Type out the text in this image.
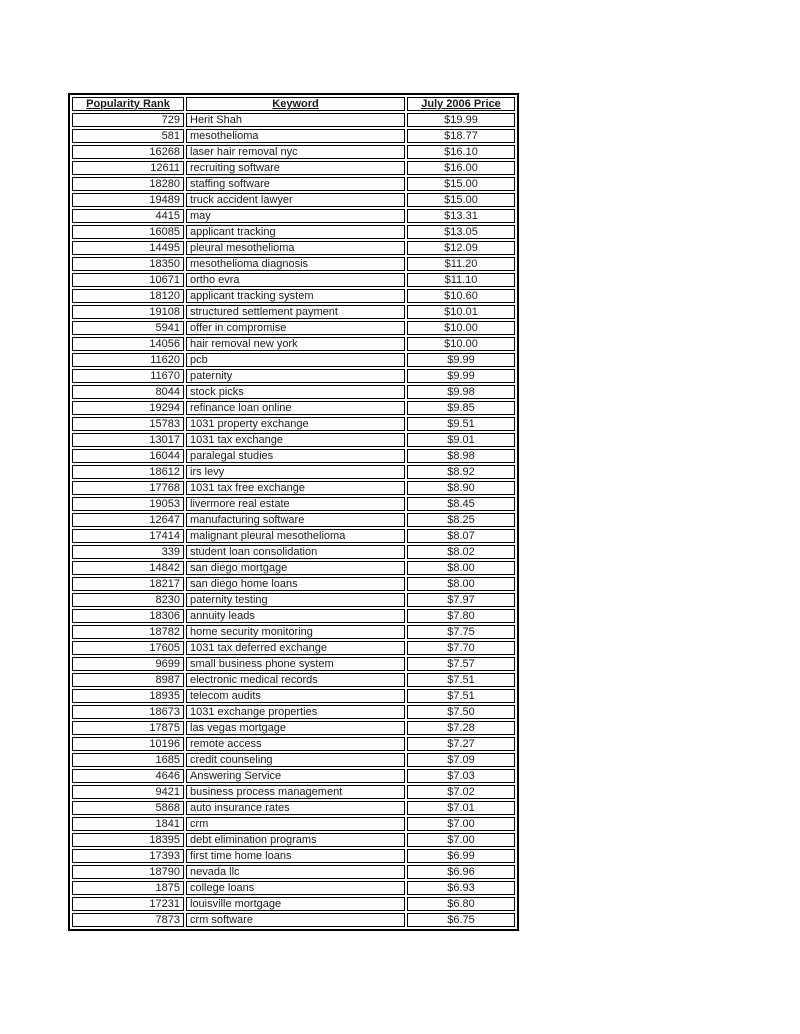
Popularity Rank	Keyword	July 2006 Price
729	Herit Shah	$19.99
581	mesothelioma	$18.77
16268	laser hair removal nyc	$16.10
12611	recruiting software	$16.00
18280	staffing software	$15.00
19489	truck accident lawyer	$15.00
4415	may	$13.31
16085	applicant tracking	$13.05
14495	pleural mesothelioma	$12.09
18350	mesothelioma diagnosis	$11.20
10671	ortho evra	$11.10
18120	applicant tracking system	$10.60
19108	structured settlement payment	$10.01
5941	offer in compromise	$10.00
14056	hair removal new york	$10.00
11620	pcb	$9.99
11670	paternity	$9.99
8044	stock picks	$9.98
19294	refinance loan online	$9.85
15783	1031 property exchange	$9.51
13017	1031 tax exchange	$9.01
16044	paralegal studies	$8.98
18612	irs levy	$8.92
17768	1031 tax free exchange	$8.90
19053	livermore real estate	$8.45
12647	manufacturing software	$8.25
17414	malignant pleural mesothelioma	$8.07
339	student loan consolidation	$8.02
14842	san diego mortgage	$8.00
18217	san diego home loans	$8.00
8230	paternity testing	$7.97
18306	annuity leads	$7.80
18782	home security monitoring	$7.75
17605	1031 tax deferred exchange	$7.70
9699	small business phone system	$7.57
8987	electronic medical records	$7.51
18935	telecom audits	$7.51
18673	1031 exchange properties	$7.50
17875	las vegas mortgage	$7.28
10196	remote access	$7.27
1685	credit counseling	$7.09
4646	Answering Service	$7.03
9421	business process management	$7.02
5868	auto insurance rates	$7.01
1841	crm	$7.00
18395	debt elimination programs	$7.00
17393	first time home loans	$6.99
18790	nevada llc	$6.96
1875	college loans	$6.93
17231	louisville mortgage	$6.80
7873	crm software	$6.75
